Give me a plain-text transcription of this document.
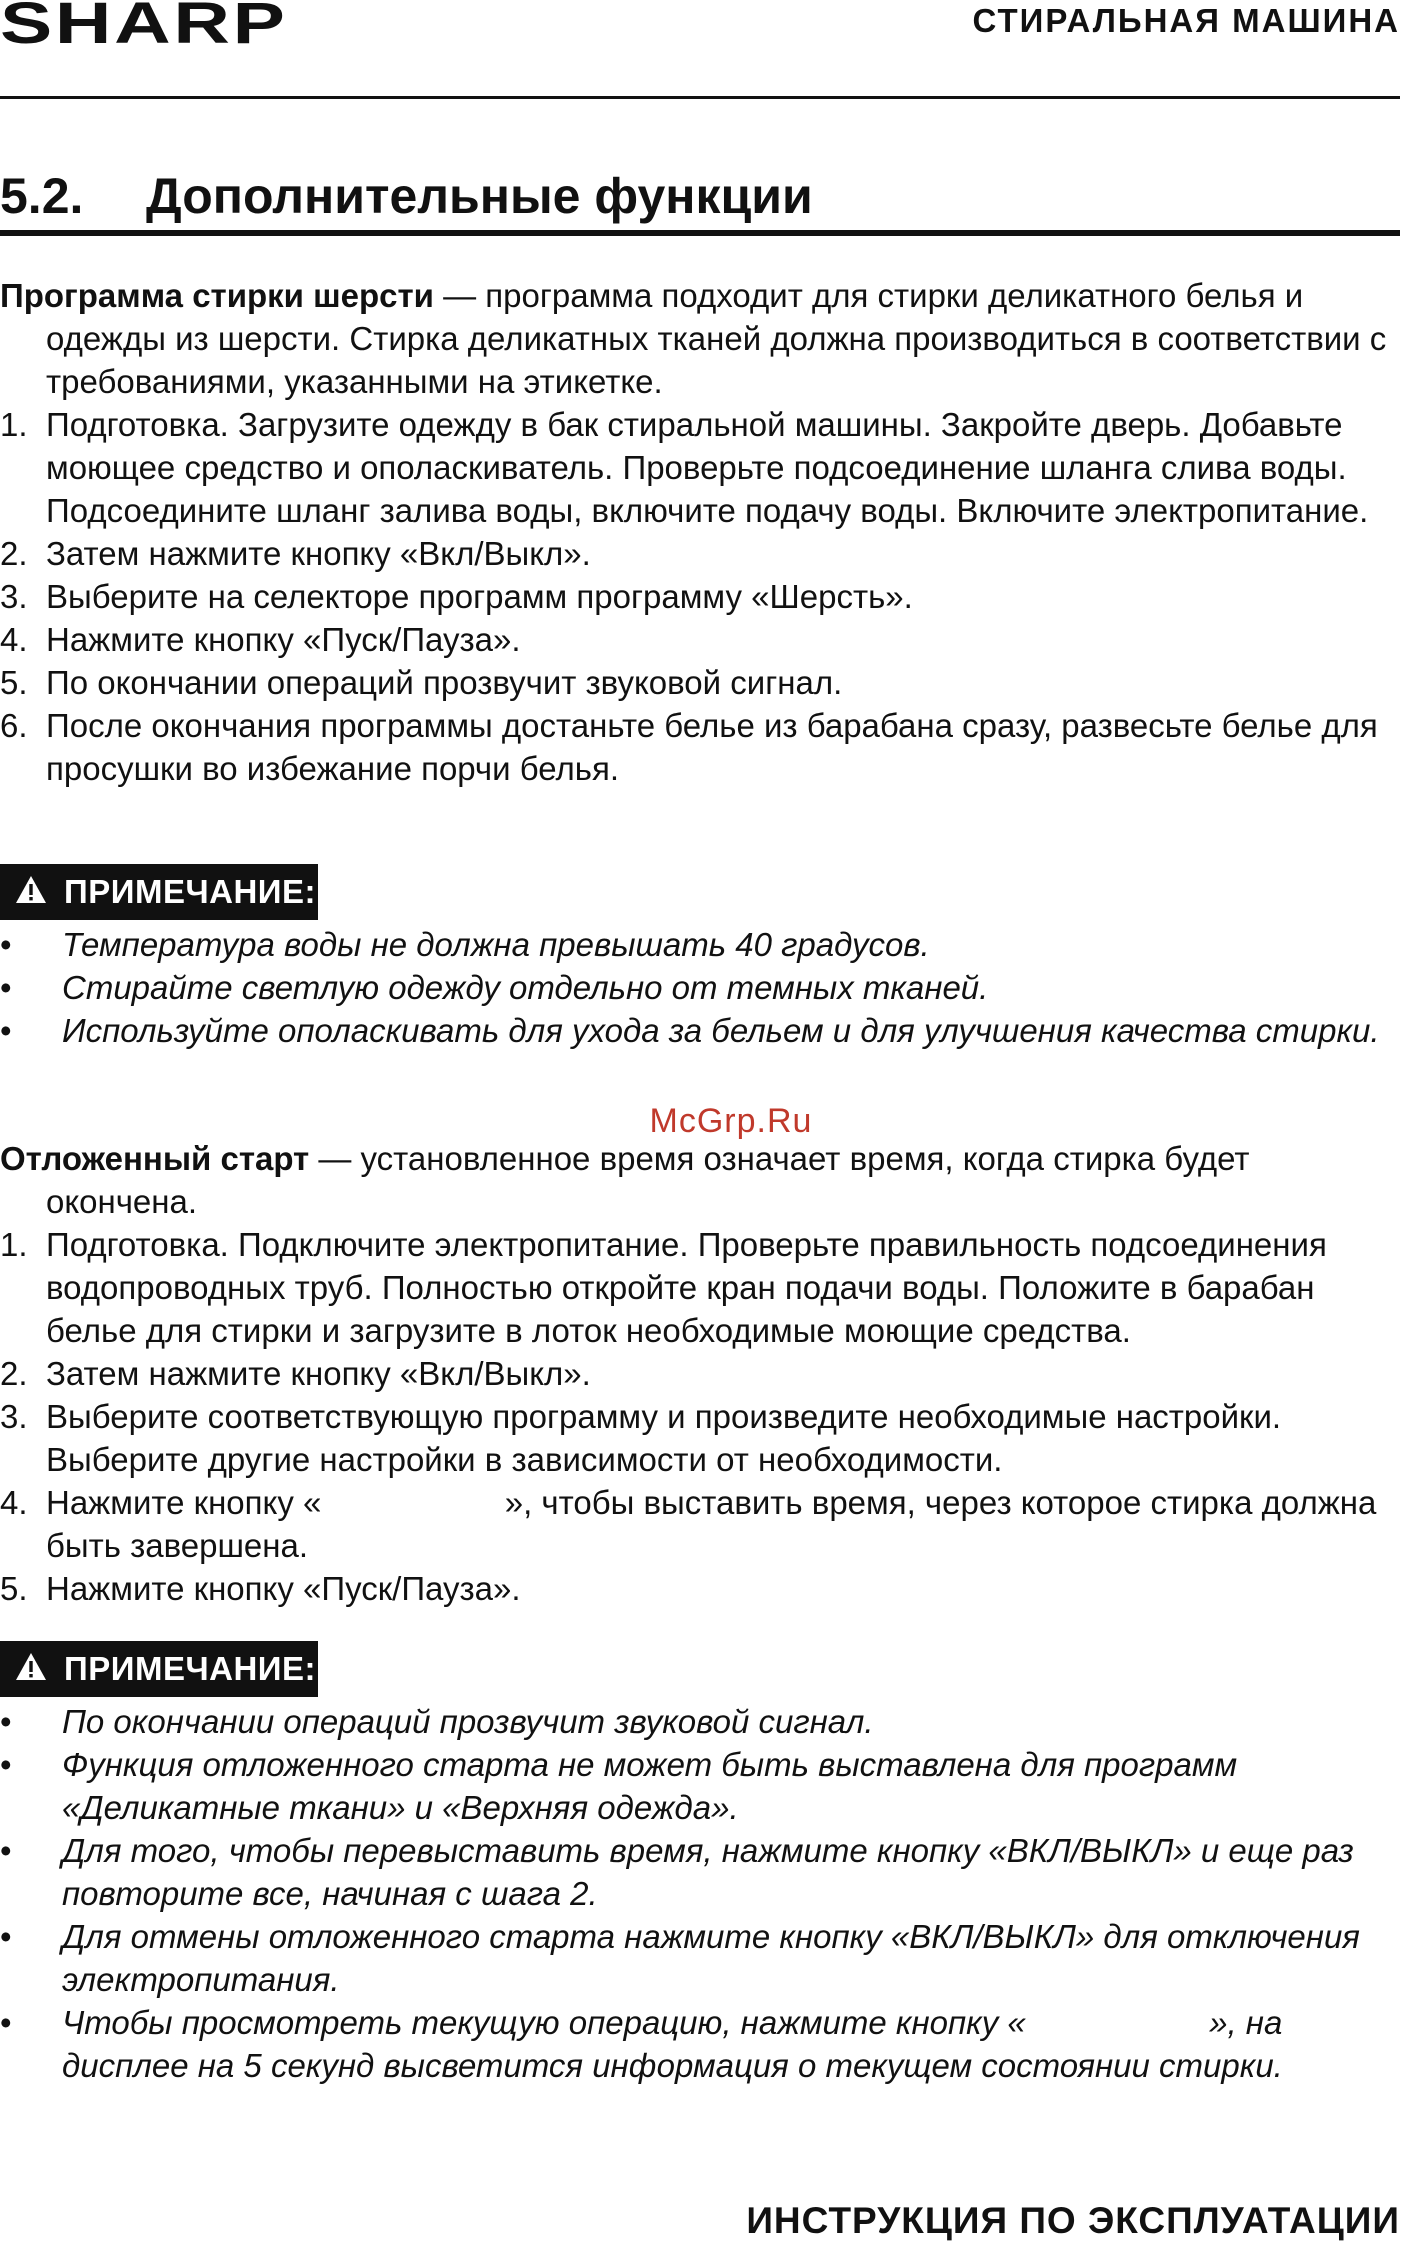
SHARP	СТИРАЛЬНАЯ МАШИНА
5.2. Дополнительные функции
Программа стирки шерсти — программа подходит для стирки деликатного белья и одежды из шерсти. Стирка деликатных тканей должна производиться в соответствии с требованиями, указанными на этикетке.
1. Подготовка. Загрузите одежду в бак стиральной машины. Закройте дверь. Добавьте моющее средство и ополаскиватель. Проверьте подсоединение шланга слива воды. Подсоедините шланг залива воды, включите подачу воды. Включите электропитание.
2. Затем нажмите кнопку «Вкл/Выкл».
3. Выберите на селекторе программ программу «Шерсть».
4. Нажмите кнопку «Пуск/Пауза».
5. По окончании операций прозвучит звуковой сигнал.
6. После окончания программы достаньте белье из барабана сразу, развесьте белье для просушки во избежание порчи белья.
ПРИМЕЧАНИЕ:
• Температура воды не должна превышать 40 градусов.
• Стирайте светлую одежду отдельно от темных тканей.
• Используйте ополаскивать для ухода за бельем и для улучшения качества стирки.
McGrp.Ru
Отложенный старт — установленное время означает время, когда стирка будет окончена.
1. Подготовка. Подключите электропитание. Проверьте правильность подсоединения водопроводных труб. Полностью откройте кран подачи воды. Положите в барабан белье для стирки и загрузите в лоток необходимые моющие средства.
2. Затем нажмите кнопку «Вкл/Выкл».
3. Выберите соответствующую программу и произведите необходимые настройки. Выберите другие настройки в зависимости от необходимости.
4. Нажмите кнопку «                    », чтобы выставить время, через которое стирка должна быть завершена.
5. Нажмите кнопку «Пуск/Пауза».
ПРИМЕЧАНИЕ:
• По окончании операций прозвучит звуковой сигнал.
• Функция отложенного старта не может быть выставлена для программ «Деликатные ткани» и «Верхняя одежда».
• Для того, чтобы перевыставить время, нажмите кнопку «ВКЛ/ВЫКЛ» и еще раз повторите все, начиная с шага 2.
• Для отмены отложенного старта нажмите кнопку «ВКЛ/ВЫКЛ» для отключения электропитания.
• Чтобы просмотреть текущую операцию, нажмите кнопку «                    », на дисплее на 5 секунд высветится информация о текущем состоянии стирки.
ИНСТРУКЦИЯ ПО ЭКСПЛУАТАЦИИ
